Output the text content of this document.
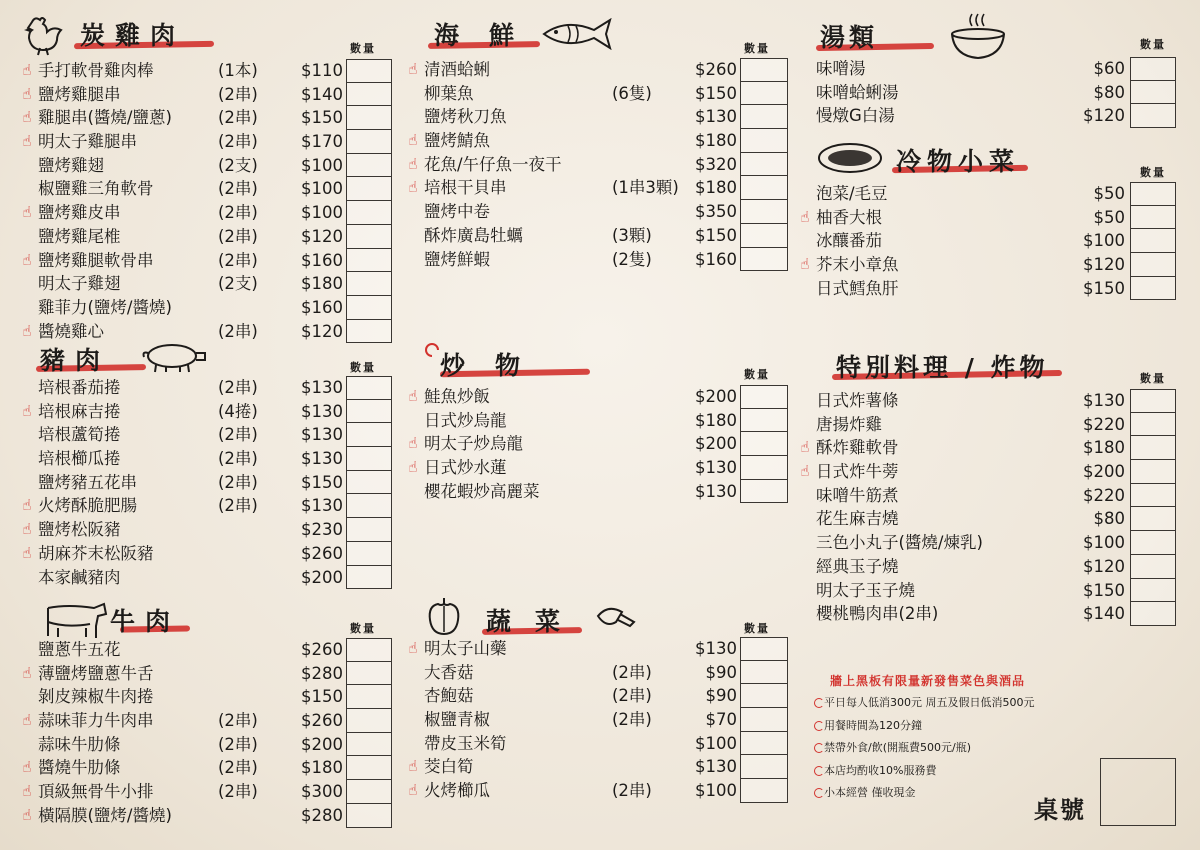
炭雞肉	數量
☝ 手打軟骨雞肉棒	(1本)	$110
☝ 鹽烤雞腿串	(2串)	$140
☝ 雞腿串(醬燒/鹽蔥)	(2串)	$150
☝ 明太子雞腿串	(2串)	$170
鹽烤雞翅	(2支)	$100
椒鹽雞三角軟骨	(2串)	$100
☝ 鹽烤雞皮串	(2串)	$100
鹽烤雞尾椎	(2串)	$120
☝ 鹽烤雞腿軟骨串	(2串)	$160
明太子雞翅	(2支)	$180
雞菲力(鹽烤/醬燒)	$160
☝ 醬燒雞心	(2串)	$120
豬肉	數量
培根番茄捲	(2串)	$130
☝ 培根麻吉捲	(4捲)	$130
培根蘆筍捲	(2串)	$130
培根櫛瓜捲	(2串)	$130
鹽烤豬五花串	(2串)	$150
☝ 火烤酥脆肥腸	(2串)	$130
☝ 鹽烤松阪豬	$230
☝ 胡麻芥末松阪豬	$260
本家鹹豬肉	$200
牛肉	數量
鹽蔥牛五花	$260
☝ 薄鹽烤鹽蔥牛舌	$280
剝皮辣椒牛肉捲	$150
☝ 蒜味菲力牛肉串	(2串)	$260
蒜味牛肋條	(2串)	$200
☝ 醬燒牛肋條	(2串)	$180
☝ 頂級無骨牛小排	(2串)	$300
☝ 橫隔膜(鹽烤/醬燒)	$280
海鮮	數量
☝ 清酒蛤蜊	$260
柳葉魚	(6隻)	$150
鹽烤秋刀魚	$130
☝ 鹽烤鯖魚	$180
☝ 花魚/午仔魚一夜干	$320
☝ 培根干貝串	(1串3顆) $180
鹽烤中卷	$350
酥炸廣島牡蠣	(3顆)	$150
鹽烤鮮蝦	(2隻)	$160
炒物	數量
☝ 鮭魚炒飯	$200
日式炒烏龍	$180
☝ 明太子炒烏龍	$200
☝ 日式炒水蓮	$130
櫻花蝦炒高麗菜	$130
蔬菜	數量
☝ 明太子山藥	$130
大香菇	(2串)	$90
杏鮑菇	(2串)	$90
椒鹽青椒	(2串)	$70
帶皮玉米筍	$100
☝ 茭白筍	$130
☝ 火烤櫛瓜	(2串)	$100
湯類	數量
味噌湯	$60
味噌蛤蜊湯	$80
慢燉G白湯	$120
冷物小菜	數量
泡菜/毛豆	$50
☝ 柚香大根	$50
冰釀番茄	$100
☝ 芥末小章魚	$120
日式鱈魚肝	$150
特別料理 / 炸物	數量
日式炸薯條	$130
唐揚炸雞	$220
☝ 酥炸雞軟骨	$180
☝ 日式炸牛蒡	$200
味噌牛筋煮	$220
花生麻吉燒	$80
三色小丸子(醬燒/煉乳)	$100
經典玉子燒	$120
明太子玉子燒	$150
櫻桃鴨肉串(2串)	$140
牆上黑板有限量新發售菜色與酒品
平日每人低消300元 周五及假日低消500元
用餐時間為120分鐘
禁帶外食/飲(開瓶費500元/瓶)
本店均酌收10%服務費
小本經營 僅收現金
桌號
